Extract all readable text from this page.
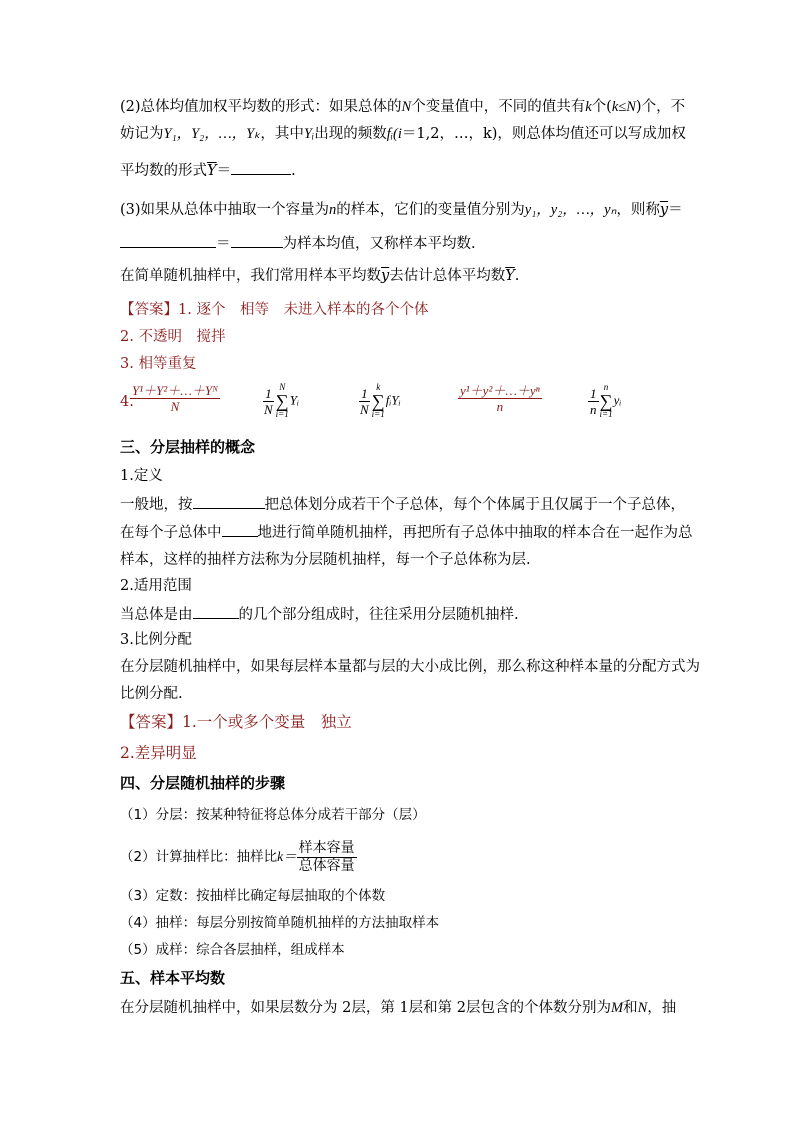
(2)总体均值加权平均数的形式：如果总体的N个变量值中，不同的值共有k个(k≤N)个，不
妨记为Y₁，Y₂，…，Yₖ，其中Yᵢ出现的频数fᵢ(i＝1,2，…，k)，则总体均值还可以写成加权
平均数的形式$\overline{Y}=$	.
(3)如果从总体中抽取一个容量为n的样本，它们的变量值分别为y₁，y₂，…，yₙ，则称$\overline{y}=$
＝	为样本均值，又称样本平均数.
在简单随机抽样中，我们常用样本平均数$\overline{y}$去估计总体平均数$\overline{Y}$.
【答案】1. 逐个　相等　未进入样本的各个个体
2. 不透明　搅拌
3. 相等重复
4.
$\frac{\text{Y¹＋Y²＋…＋Yᴺ}}{N}$	$\frac{1}{N}$ N
∑
i=1
Yᵢ	$\frac{1}{N}$ k
∑
i=1
fᵢYᵢ	$\frac{\text{y¹＋y²＋…＋yⁿ}}{n}$	$\frac{1}{n}$ n
∑
i=1
yᵢ
三、分层抽样的概念
1.定义
一般地，按	把总体划分成若干个子总体，每个个体属于且仅属于一个子总体，
在每个子总体中 地进行简单随机抽样，再把所有子总体中抽取的样本合在一起作为总
样本，这样的抽样方法称为分层随机抽样，每一个子总体称为层.
2.适用范围
当总体是由	的几个部分组成时，往往采用分层随机抽样.
3.比例分配
在分层随机抽样中，如果每层样本量都与层的大小成比例，那么称这种样本量的分配方式为
比例分配.
【答案】1.一个或多个变量　独立
2.差异明显
四、分层随机抽样的步骤
（1）分层：按某种特征将总体分成若干部分（层）
（2）计算抽样比：抽样比$k= \frac{\text{样本容量}}{\text{总体容量}}$
（3）定数：按抽样比确定每层抽取的个体数
（4）抽样：每层分别按简单随机抽样的方法抽取样本
（5）成样：综合各层抽样，组成样本
五、样本平均数
在分层随机抽样中，如果层数分为 2层，第 1层和第 2层包含的个体数分别为M和N，抽
